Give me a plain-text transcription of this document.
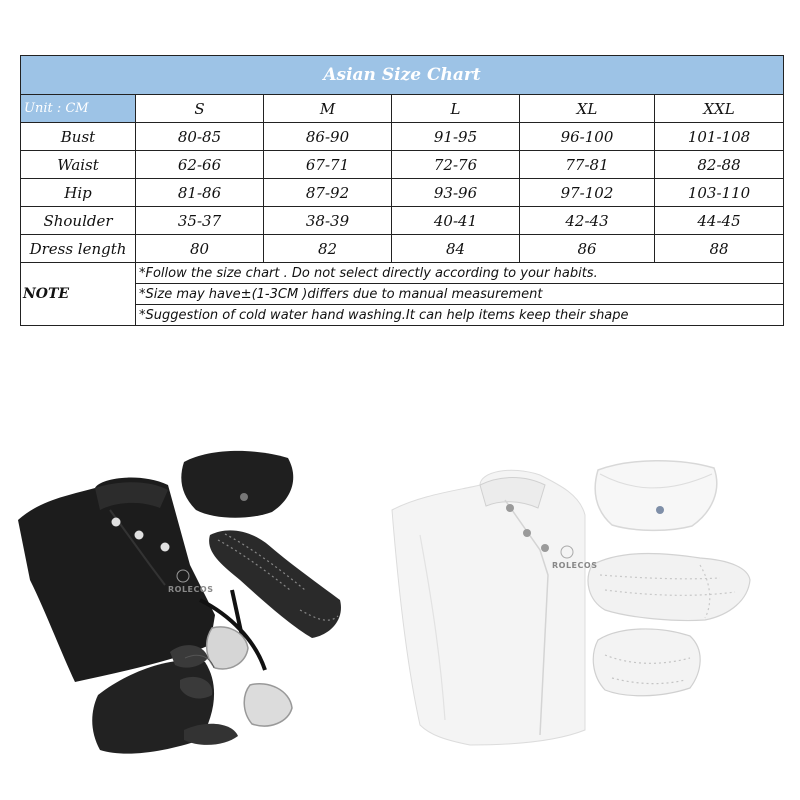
Asian Size Chart					
Unit : CM	S	M	L	XL	XXL
Bust	80-85	86-90	91-95	96-100	101-108
Waist	62-66	67-71	72-76	77-81	82-88
Hip	81-86	87-92	93-96	97-102	103-110
Shoulder	35-37	38-39	40-41	42-43	44-45
Dress length	80	82	84	86	88
NOTE	*Follow the size chart . Do not select directly according to your habits.				
	*Size may have±(1-3CM )differs due to manual measurement				
	*Suggestion of cold water hand washing.It can help items keep their shape				
ROLECOS
ROLECOS
